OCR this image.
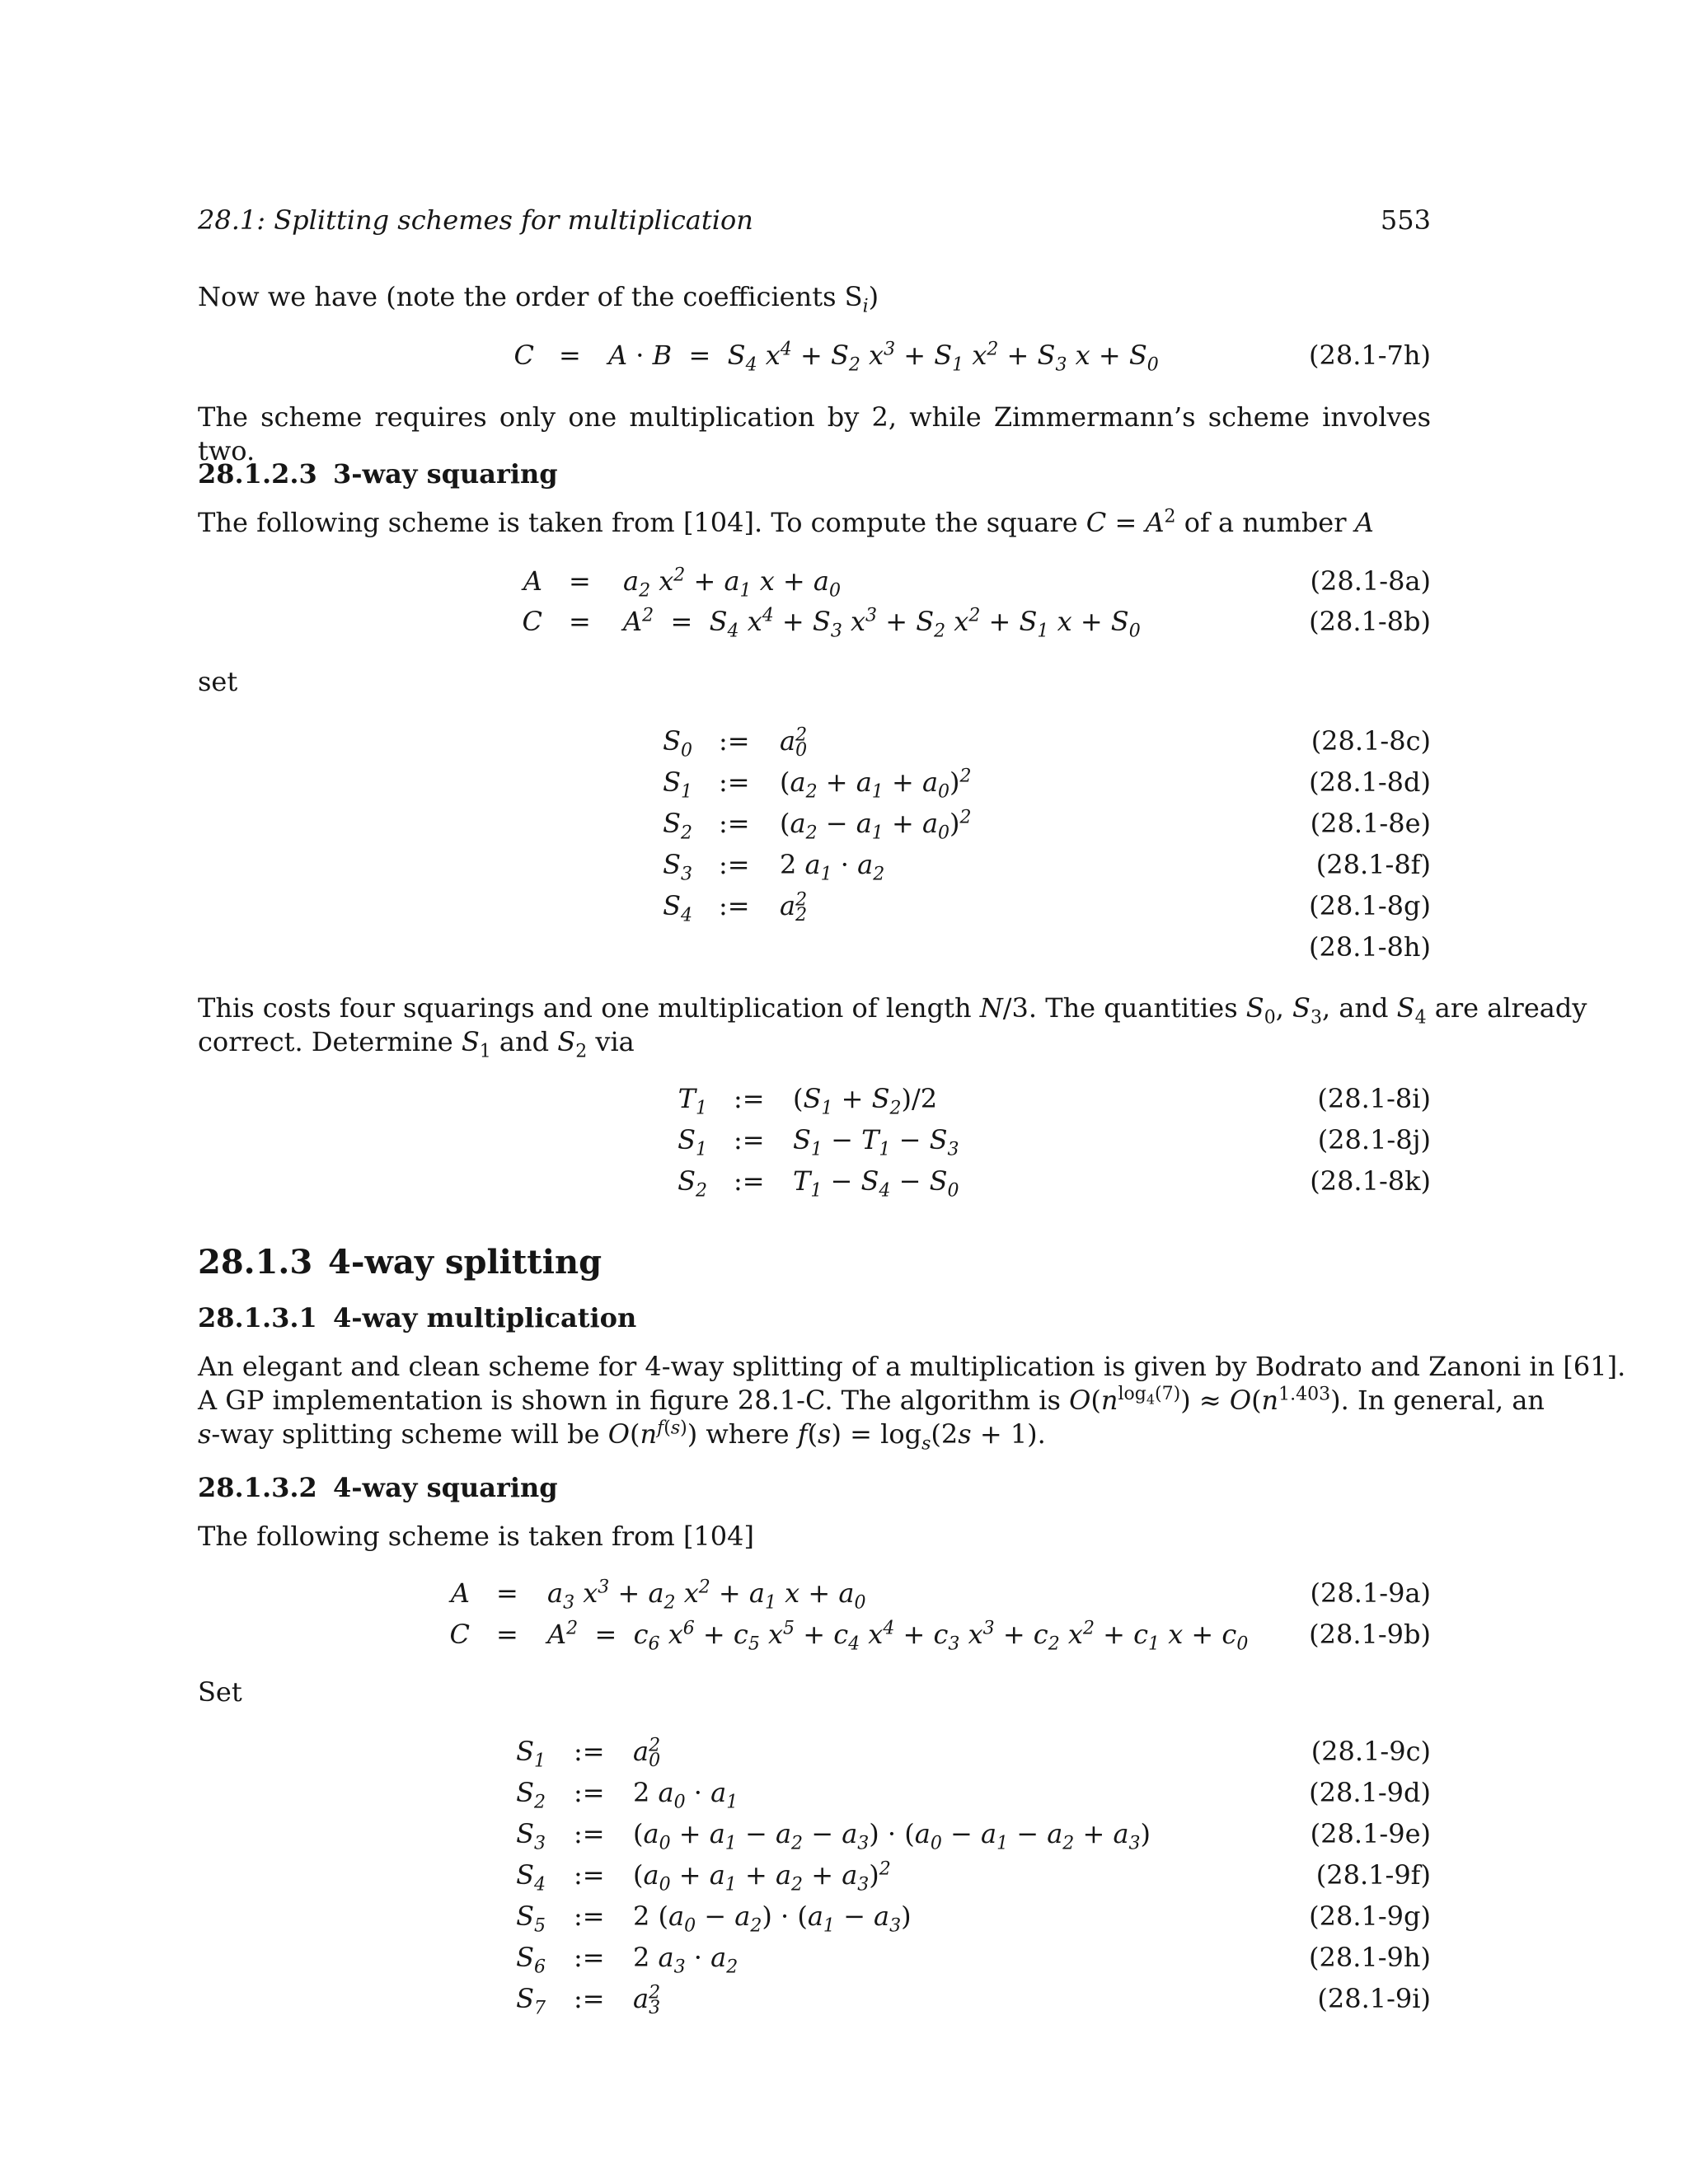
28.1: Splitting schemes for multiplication	553
Now we have (note the order of the coefficients $S_i$)
$C = A \cdot B = S_4$ $x^4 + S_2$ $x^3 + S_1$ $x^2 + S_3$ $x + S_0$	(28.1-7h)
The scheme requires only one multiplication by 2, while Zimmermann’s scheme involves two.
28.1.2.3 3-way squaring
The following scheme is taken from [104]. To compute the square $C = A^2$ of a number A
$A = a_2$ $x^2 + a_1$ $x + a_0$	(28.1-8a)
$C = A^2 = S_4$ $x^4 + S_3$ $x^3 + S_2$ $x^2 + S_1$ $x + S_0$	(28.1-8b)
set
$S_0$ := $a^2_0$	(28.1-8c)
$S_1$ := $(a_2 + a_1 + a_0)^2$	(28.1-8d)
$S_2$ := $(a_2 - a_1 + a_0)^2$	(28.1-8e)
$S_3$ := 2 $a_1 \cdot a_2$	(28.1-8f)
$S_4$ := $a^2_2$	(28.1-8g)
(28.1-8h)
This costs four squarings and one multiplication of length N/3. The quantities $S_0$, $S_3$, and $S_4$ are already
correct. Determine $S_1$ and $S_2$ via
$T_1$ := $(S_1 + S_2)/2$	(28.1-8i)
$S_1$ := $S_1 - T_1 - S_3$	(28.1-8j)
$S_2$ := $T_1 - S_4 - S_0$	(28.1-8k)
28.1.3 4-way splitting
28.1.3.1 4-way multiplication
An elegant and clean scheme for 4-way splitting of a multiplication is given by Bodrato and Zanoni in [61].
A GP implementation is shown in figure 28.1-C. The algorithm is $O(n^{log_4(7)}) \approx O(n^{1.403})$. In general, an
s-way splitting scheme will be $O(n^{f(s)})$ where $f(s) = \log_s(2s + 1)$.
28.1.3.2 4-way squaring
The following scheme is taken from [104]
$A = a_3$ $x^3 + a_2$ $x^2 + a_1$ $x + a_0$	(28.1-9a)
$C = A^2 = c_6$ $x^6 + c_5$ $x^5 + c_4$ $x^4 + c_3$ $x^3 + c_2$ $x^2 + c_1$ $x + c_0$ (28.1-9b)
Set
$S_1$ := $a^2_0$	(28.1-9c)
$S_2$ := 2 $a_0 \cdot a_1$	(28.1-9d)
$S_3$ := $(a_0 + a_1 - a_2 - a_3) \cdot (a_0 - a_1 - a_2 + a_3)$	(28.1-9e)
$S_4$ := $(a_0 + a_1 + a_2 + a_3)^2$	(28.1-9f)
$S_5$ := 2 $(a_0 - a_2) \cdot (a_1 - a_3)$	(28.1-9g)
$S_6$ := 2 $a_3 \cdot a_2$	(28.1-9h)
$S_7$ := $a^2_3$	(28.1-9i)
